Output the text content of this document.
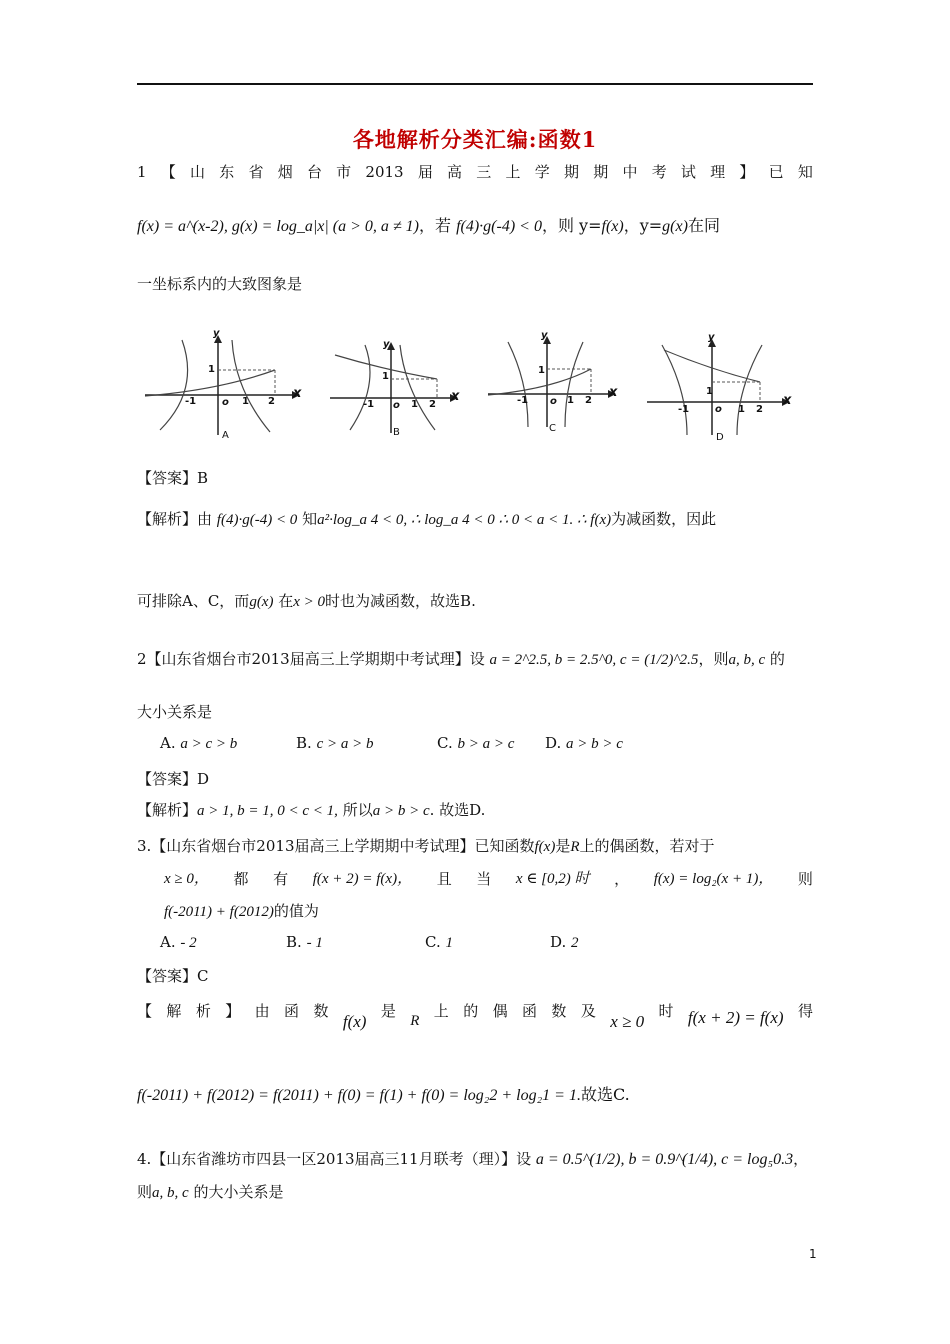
各地解析分类汇编:函数1
1 【 山 东 省 烟 台 市 2013 届 高 三 上 学 期 期 中 考 试 理 】 已 知
f(x) = a^(x-2), g(x) = log_a|x| (a > 0, a ≠ 1)，若 f(4)·g(-4) < 0，则 y=f(x)，y=g(x)在同
一坐标系内的大致图象是
y
x
1
-1	o 1 2
A
y
x
1
-1 o 1 2
B
y
x
1
-1 o 1 2
C
y
x
1
-1	o 1 2
D
【答案】B
【解析】由 f(4)·g(-4) < 0 知a²·log_a 4 < 0, ∴ log_a 4 < 0 ∴ 0 < a < 1. ∴ f(x)为减函数，因此
可排除A、C，而g(x) 在x > 0时也为减函数，故选B.
2【山东省烟台市2013届高三上学期期中考试理】设 a = 2^2.5, b = 2.5^0, c = (1/2)^2.5，则a, b, c 的
大小关系是
A. a > c > b	B. c > a > b	C. b > a > c D. a > b > c
【答案】D
【解析】a > 1, b = 1, 0 < c < 1, 所以a > b > c. 故选D.
3.【山东省烟台市2013届高三上学期期中考试理】已知函数f(x)是R上的偶函数，若对于
x ≥ 0， 都 有 f(x + 2) = f(x)， 且 当 x ∈ [0,2) 时 ， f(x) = log₂(x + 1)， 则
f(-2011) + f(2012)的值为
A. - 2	B. - 1	C. 1	D. 2
【答案】C
【 解 析 】 由 函 数
f(x)
是
R
上 的 偶 函 数 及
x ≥ 0
时 f(x + 2) = f(x) 得
f(-2011) + f(2012) = f(2011) + f(0) = f(1) + f(0) = log₂2 + log₂1 = 1.故选C.
4.【山东省潍坊市四县一区2013届高三11月联考（理）】设 a = 0.5^(1/2), b = 0.9^(1/4), c = log₅0.3，
则a, b, c 的大小关系是
1
